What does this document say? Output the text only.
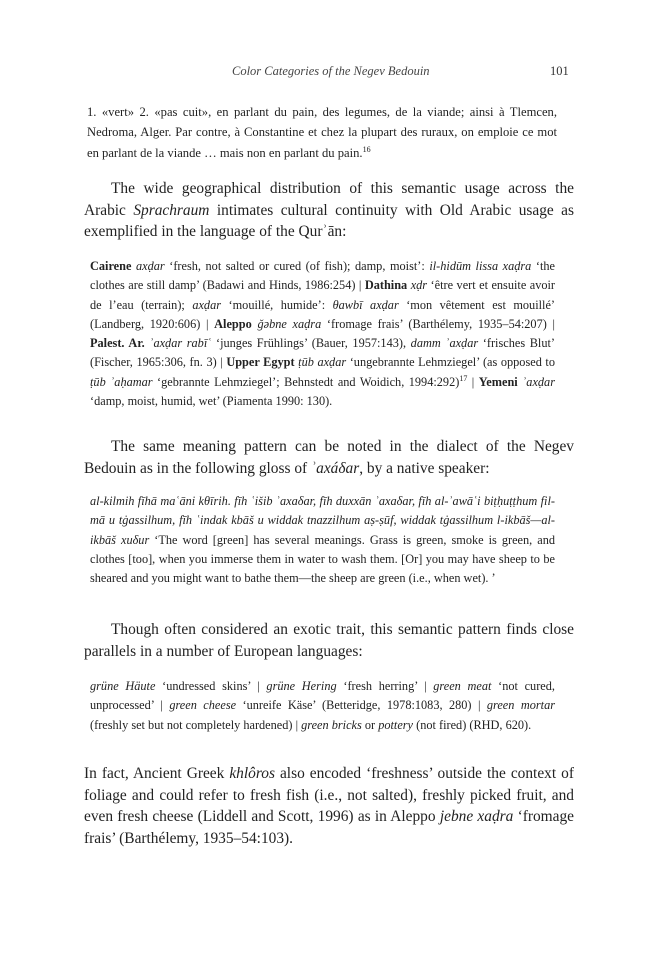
Color Categories of the Negev Bedouin	101

1. «vert» 2. «pas cuit», en parlant du pain, des legumes, de la viande; ainsi à Tlemcen, Nedroma, Alger. Par contre, à Constantine et chez la plupart des ruraux, on emploie ce mot en parlant de la viande … mais non en parlant du pain.$^{16}$

The wide geographical distribution of this semantic usage across the Arabic Sprachraum intimates cultural continuity with Old Arabic usage as exemplified in the language of the Qurʾān:

Cairene axḍar ‘fresh, not salted or cured (of fish); damp, moist’: il-hidūm lissa xaḍra ‘the clothes are still damp’ (Badawi and Hinds, 1986:254) | Dathina xḍr ‘être vert et ensuite avoir de l’eau (terrain); axḍar ‘mouillé, humide’: θawbī axḍar ‘mon vêtement est mouillé’ (Landberg, 1920:606) | Aleppo ǧəbne xaḍra ‘fromage frais’ (Barthélemy, 1935–54:207) | Palest. Ar. ʾaxḍar rabīʿ ‘junges Frühlings’ (Bauer, 1957:143), damm ʾaxḍar ‘frisches Blut’ (Fischer, 1965:306, fn. 3) | Upper Egypt ṭūb axḍar ‘ungebrannte Lehmziegel’ (as opposed to ṭūb ʾaḥamar ‘gebrannte Lehmziegel’; Behnstedt and Woidich, 1994:292)$^{17}$ | Yemeni ʾaxḍar ‘damp, moist, humid, wet’ (Piamenta 1990: 130).

The same meaning pattern can be noted in the dialect of the Negev Bedouin as in the following gloss of ʾaxáδar, by a native speaker:

al-kilmih fīhā maʿāni kθīrih. fīh ʿišib ʾaxaδar, fīh duxxān ʾaxaδar, fīh al-ʾawāʿi biṭḥuṭṭhum fil-mā u tġassilhum, fīh ʿindak kbāš u widdak tnazzilhum aṣ-ṣūf, widdak tġassilhum l-ikbāš—al-ikbāš xuδur ‘The word [green] has several meanings. Grass is green, smoke is green, and clothes [too], when you immerse them in water to wash them. [Or] you may have sheep to be sheared and you might want to bathe them—the sheep are green (i.e., when wet). ’

Though often considered an exotic trait, this semantic pattern finds close parallels in a number of European languages:

grüne Häute ‘undressed skins’ | grüne Hering ‘fresh herring’ | green meat ‘not cured, unprocessed’ | green cheese ‘unreife Käse’ (Betteridge, 1978:1083, 280) | green mortar (freshly set but not completely hardened) | green bricks or pottery (not fired) (RHD, 620).

In fact, Ancient Greek khlôros also encoded ‘freshness’ outside the context of foliage and could refer to fresh fish (i.e., not salted), freshly picked fruit, and even fresh cheese (Liddell and Scott, 1996) as in Aleppo jebne xaḍra ‘fromage frais’ (Barthélemy, 1935–54:103).
